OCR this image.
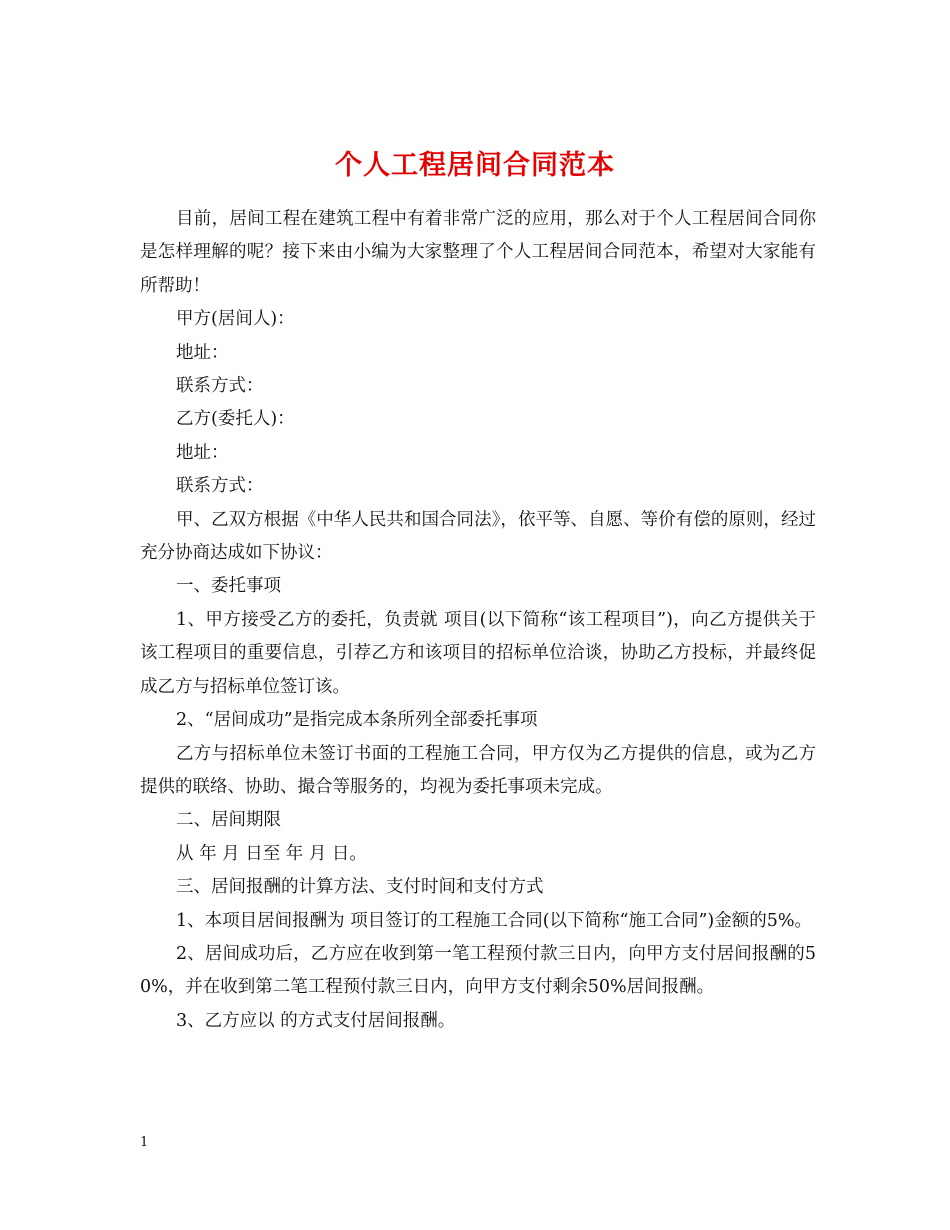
个人工程居间合同范本

目前，居间工程在建筑工程中有着非常广泛的应用，那么对于个人工程居间合同你是怎样理解的呢？接下来由小编为大家整理了个人工程居间合同范本，希望对大家能有所帮助！

甲方(居间人)：

地址：

联系方式：

乙方(委托人)：

地址：

联系方式：

甲、乙双方根据《中华人民共和国合同法》，依平等、自愿、等价有偿的原则，经过充分协商达成如下协议：

一、委托事项

1、甲方接受乙方的委托，负责就 项目(以下简称“该工程项目”)，向乙方提供关于该工程项目的重要信息，引荐乙方和该项目的招标单位洽谈，协助乙方投标，并最终促成乙方与招标单位签订该。

2、“居间成功”是指完成本条所列全部委托事项

乙方与招标单位未签订书面的工程施工合同，甲方仅为乙方提供的信息，或为乙方提供的联络、协助、撮合等服务的，均视为委托事项未完成。

二、居间期限

从 年 月 日至 年 月 日。

三、居间报酬的计算方法、支付时间和支付方式

1、本项目居间报酬为 项目签订的工程施工合同(以下简称“施工合同”)金额的5%。

2、居间成功后，乙方应在收到第一笔工程预付款三日内，向甲方支付居间报酬的50%，并在收到第二笔工程预付款三日内，向甲方支付剩余50%居间报酬。

3、乙方应以 的方式支付居间报酬。

1
